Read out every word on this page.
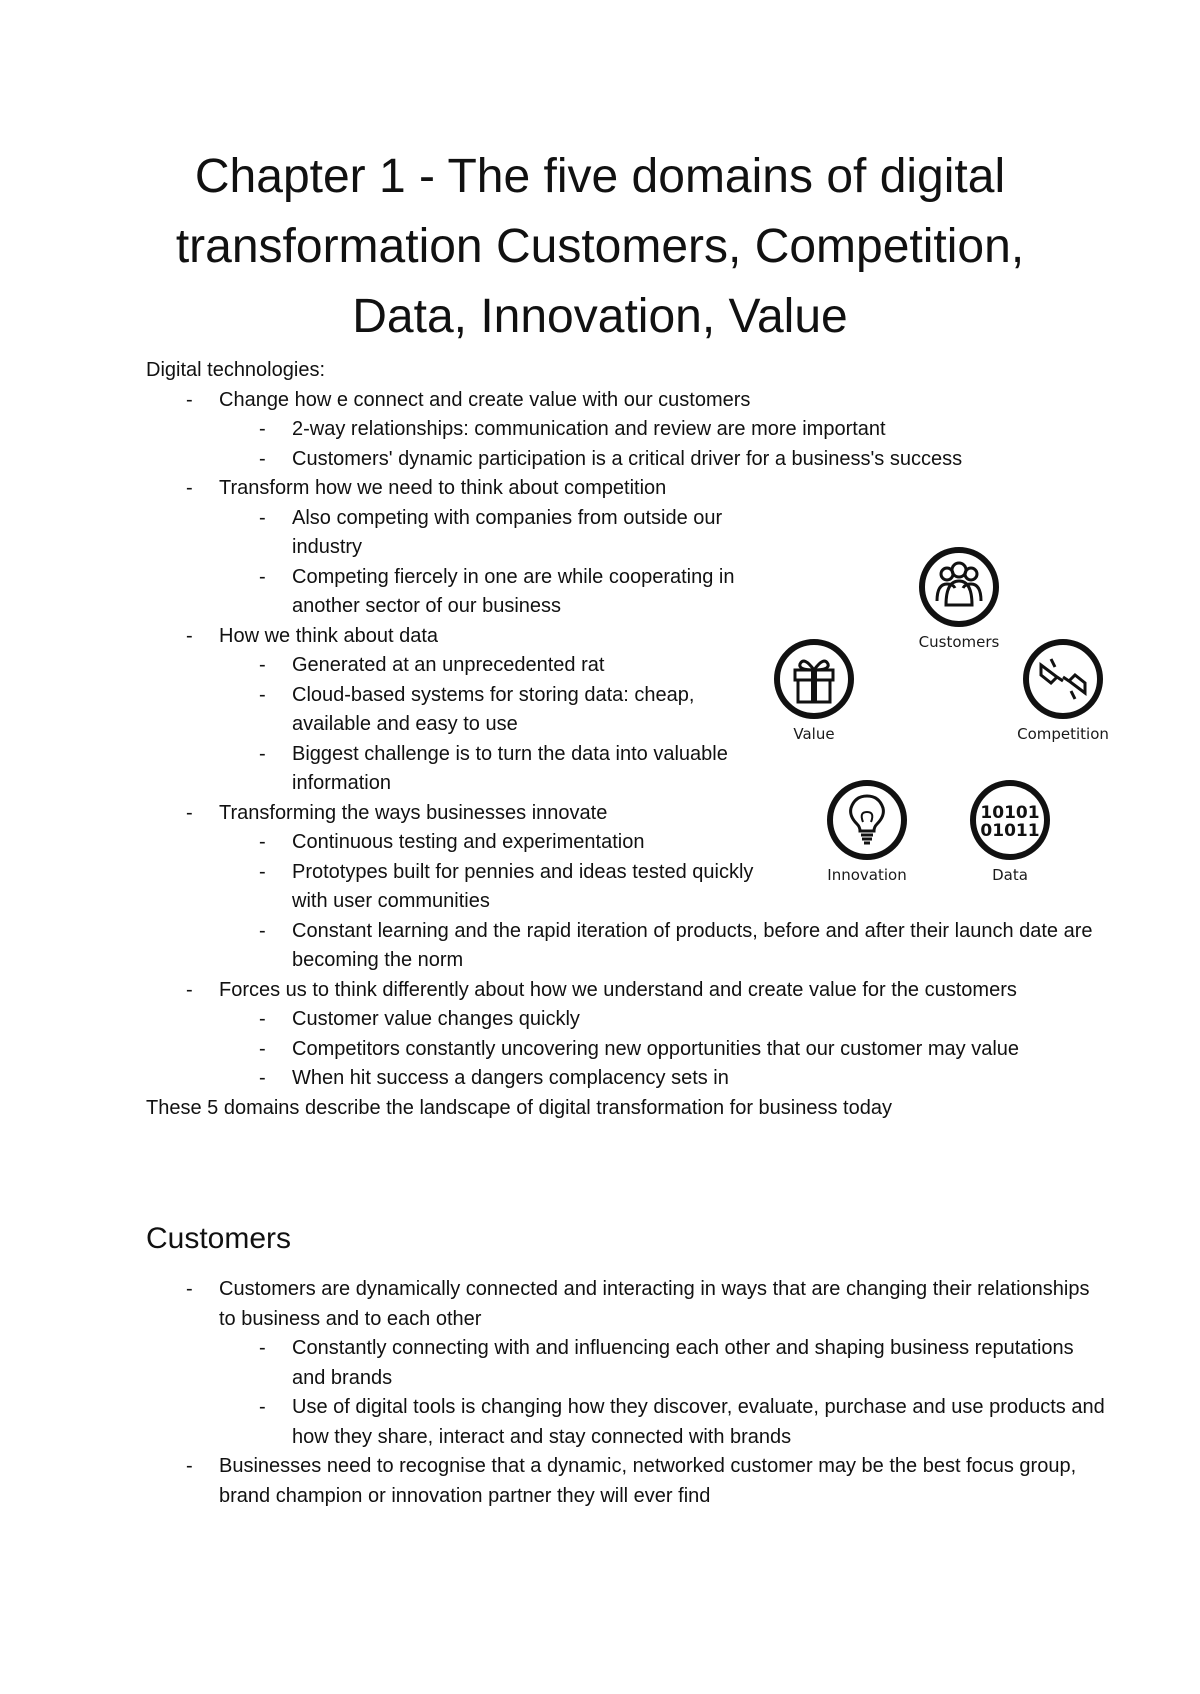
Chapter 1 - The five domains of digital transformation Customers, Competition, Data, Innovation, Value

Digital technologies:

- Change how e connect and create value with our customers
- 2-way relationships: communication and review are more important
- Customers' dynamic participation is a critical driver for a business's success
- Transform how we need to think about competition
- Also competing with companies from outside our industry
- Competing fiercely in one are while cooperating in another sector of our business
- How we think about data
- Generated at an unprecedented rat
- Cloud-based systems for storing data: cheap, available and easy to use
- Biggest challenge is to turn the data into valuable information
- Transforming the ways businesses innovate
- Continuous testing and experimentation
- Prototypes built for pennies and ideas tested quickly with user communities
- Constant learning and the rapid iteration of products, before and after their launch date are becoming the norm
- Forces us to think differently about how we understand and create value for the customers
- Customer value changes quickly
- Competitors constantly uncovering new opportunities that our customer may value
- When hit success a dangers complacency sets in

These 5 domains describe the landscape of digital transformation for business today

Customers
Value	Competition
Innovation
10101
01011
Data
Customers
- Customers are dynamically connected and interacting in ways that are changing their relationships to business and to each other
- Constantly connecting with and influencing each other and shaping business reputations and brands
- Use of digital tools is changing how they discover, evaluate, purchase and use products and how they share, interact and stay connected with brands
- Businesses need to recognise that a dynamic, networked customer may be the best focus group, brand champion or innovation partner they will ever find
